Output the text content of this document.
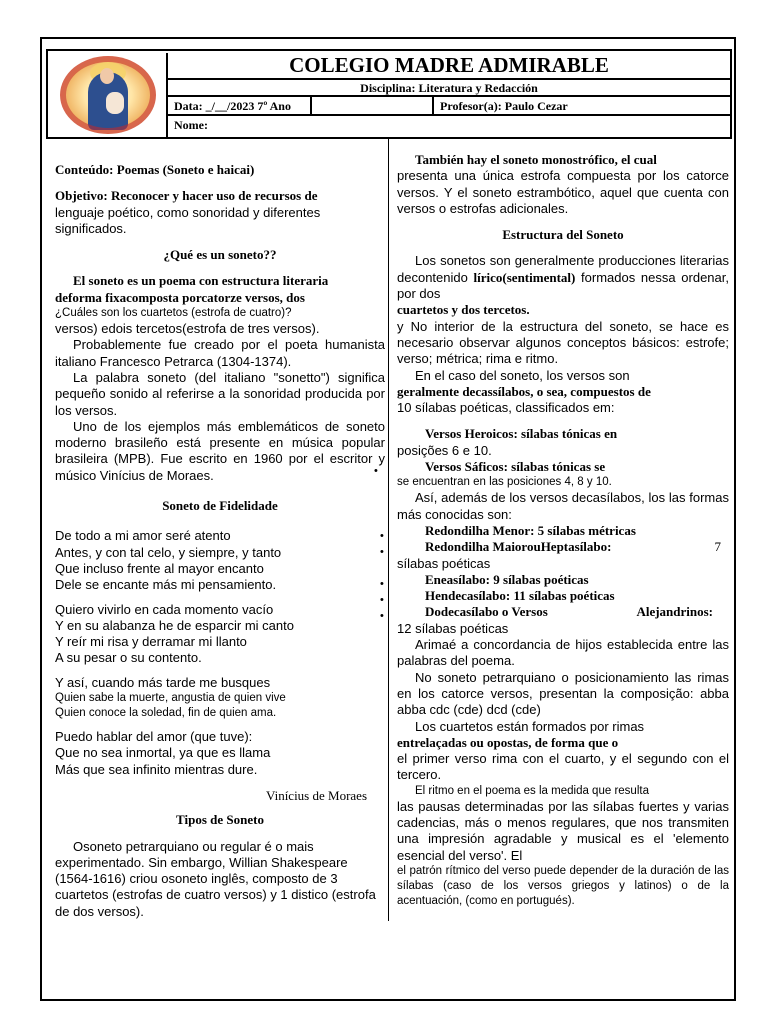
COLEGIO MADRE ADMIRABLE
Disciplina: Literatura y Redacción
Data: _/__/2023 7º Ano	Profesor(a): Paulo Cezar
Nome:

Conteúdo: Poemas (Soneto e haicai)

Objetivo: Reconocer y hacer uso de recursos de
lenguaje poético, como sonoridad y diferentes significados.

¿Qué es un soneto??

El soneto es un poema con estructura literaria

deforma fixacomposta porcatorze versos, dos

¿Cuáles son los cuartetos (estrofa de cuatro)?

versos) edois tercetos(estrofa de tres versos).

Probablemente fue creado por el poeta humanista italiano Francesco Petrarca (1304-1374).

La palabra soneto (del italiano "sonetto") significa pequeño sonido al referirse a la sonoridad producida por los versos.

Uno de los ejemplos más emblemáticos de soneto moderno brasileño está presente en música popular brasileira (MPB). Fue escrito en 1960 por el escritor y músico Vinícius de Moraes.

Soneto de Fidelidade

De todo a mi amor seré atento

Antes, y con tal celo, y siempre, y tanto

Que incluso frente al mayor encanto

Dele se encante más mi pensamiento.

Quiero vivirlo en cada momento vacío

Y en su alabanza he de esparcir mi canto

Y reír mi risa y derramar mi llanto

A su pesar o su contento.

Y así, cuando más tarde me busques

Quien sabe la muerte, angustia de quien vive

Quien conoce la soledad, fin de quien ama.

Puedo hablar del amor (que tuve):

Que no sea inmortal, ya que es llama

Más que sea infinito mientras dure.

Vinícius de Moraes

Tipos de Soneto

Osoneto petrarquiano ou regular é o mais experimentado. Sin embargo, Willian Shakespeare (1564-1616) criou osoneto inglês, composto de 3 cuartetos (estrofas de cuatro versos) y 1 distico (estrofa de dos versos).

También hay el soneto monostrófico, el cual

presenta una única estrofa compuesta por los catorce versos. Y el soneto estrambótico, aquel que cuenta con versos o estrofas adicionales.

Estructura del Soneto

Los sonetos son generalmente producciones literarias decontenido lírico(sentimental) formados nessa ordenar, por dos
cuartetos y dos tercetos.

y No interior de la estructura del soneto, se hace es necesario observar algunos conceptos básicos: estrofe; verso; métrica; rima e ritmo.

En el caso del soneto, los versos son

geralmente decassílabos, o sea, compuestos de

10 sílabas poéticas, classificados em:

Versos Heroicos: sílabas tónicas en

posições 6 e 10.

Versos Sáficos: sílabas tónicas se

se encuentran en las posiciones 4, 8 y 10.

Así, además de los versos decasílabos, los las formas más conocidas son:

Redondilha Menor: 5 sílabas métricas

Redondilha MaiorouHeptasílabo:	7

sílabas poéticas

Eneasílabo: 9 sílabas poéticas

Hendecasílabo: 11 sílabas poéticas

Dodecasílabo o Versos	Alejandrinos:

12 sílabas poéticas

Arimaé a concordancia de hijos establecida entre las palabras del poema.

No soneto petrarquiano o posicionamiento las rimas en los catorce versos, presentan la composição: abba abba cdc (cde) dcd (cde)

Los cuartetos están formados por rimas

entrelaçadas ou opostas, de forma que o

el primer verso rima con el cuarto, y el segundo con el tercero.

El ritmo en el poema es la medida que resulta

las pausas determinadas por las sílabas fuertes y varias cadencias, más o menos regulares, que nos transmiten una impresión agradable y musical es el 'elemento esencial del verso'. El

el patrón rítmico del verso puede depender de la duración de las sílabas (caso de los versos griegos y latinos) o de la acentuación, (como en portugués).

•
•
•
•
•
•
